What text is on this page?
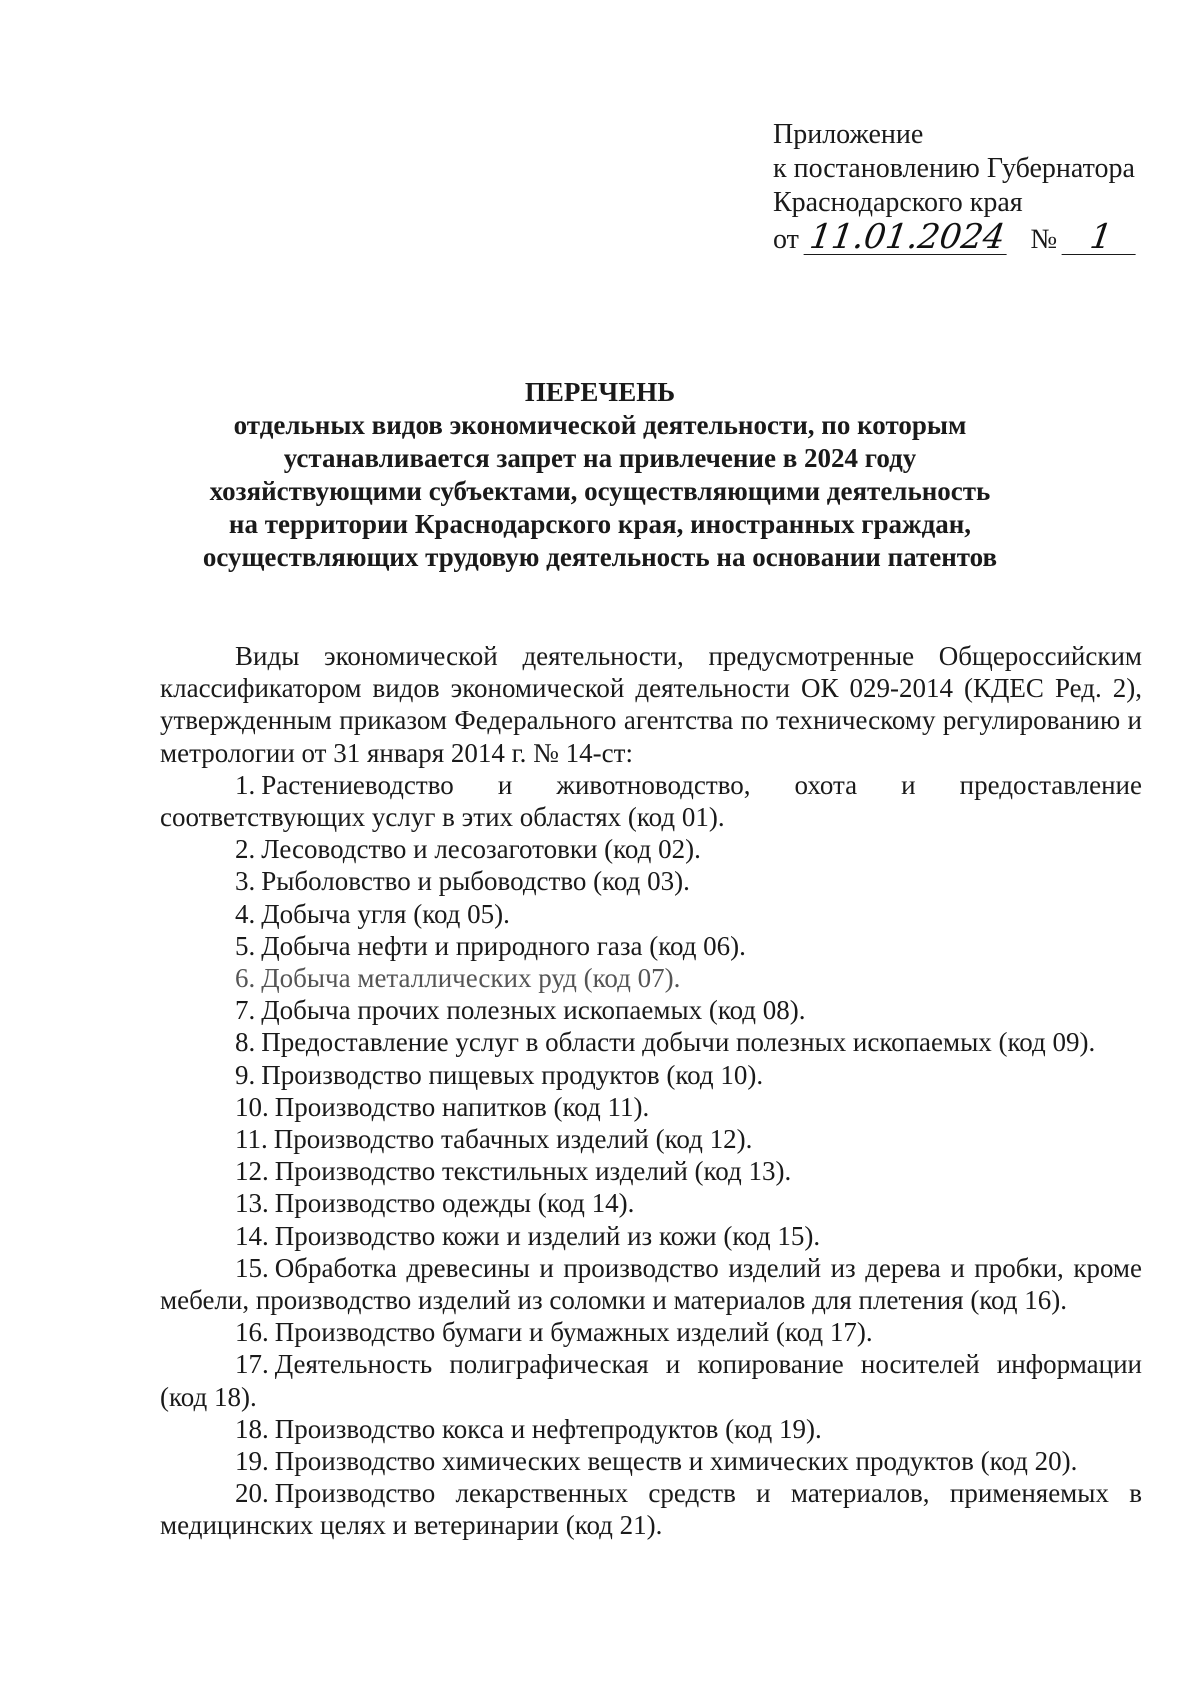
Приложение
к постановлению Губернатора
Краснодарского края
от 11.01.2024 № 1
ПЕРЕЧЕНЬ
отдельных видов экономической деятельности, по которым
устанавливается запрет на привлечение в 2024 году
хозяйствующими субъектами, осуществляющими деятельность
на территории Краснодарского края, иностранных граждан,
осуществляющих трудовую деятельность на основании патентов

Виды экономической деятельности, предусмотренные Общероссийским классификатором видов экономической деятельности ОК 029-2014 (КДЕС Ред. 2), утвержденным приказом Федерального агентства по техническому регулированию и метрологии от 31 января 2014 г. № 14-ст:

1. Растениеводство и животноводство, охота и предоставление соответствующих услуг в этих областях (код 01).

2. Лесоводство и лесозаготовки (код 02).

3. Рыболовство и рыбоводство (код 03).

4. Добыча угля (код 05).

5. Добыча нефти и природного газа (код 06).

6. Добыча металлических руд (код 07).

7. Добыча прочих полезных ископаемых (код 08).

8. Предоставление услуг в области добычи полезных ископаемых (код 09).

9. Производство пищевых продуктов (код 10).

10. Производство напитков (код 11).

11. Производство табачных изделий (код 12).

12. Производство текстильных изделий (код 13).

13. Производство одежды (код 14).

14. Производство кожи и изделий из кожи (код 15).

15. Обработка древесины и производство изделий из дерева и пробки, кроме мебели, производство изделий из соломки и материалов для плетения (код 16).

16. Производство бумаги и бумажных изделий (код 17).

17. Деятельность полиграфическая и копирование носителей информации (код 18).

18. Производство кокса и нефтепродуктов (код 19).

19. Производство химических веществ и химических продуктов (код 20).

20. Производство лекарственных средств и материалов, применяемых в медицинских целях и ветеринарии (код 21).
